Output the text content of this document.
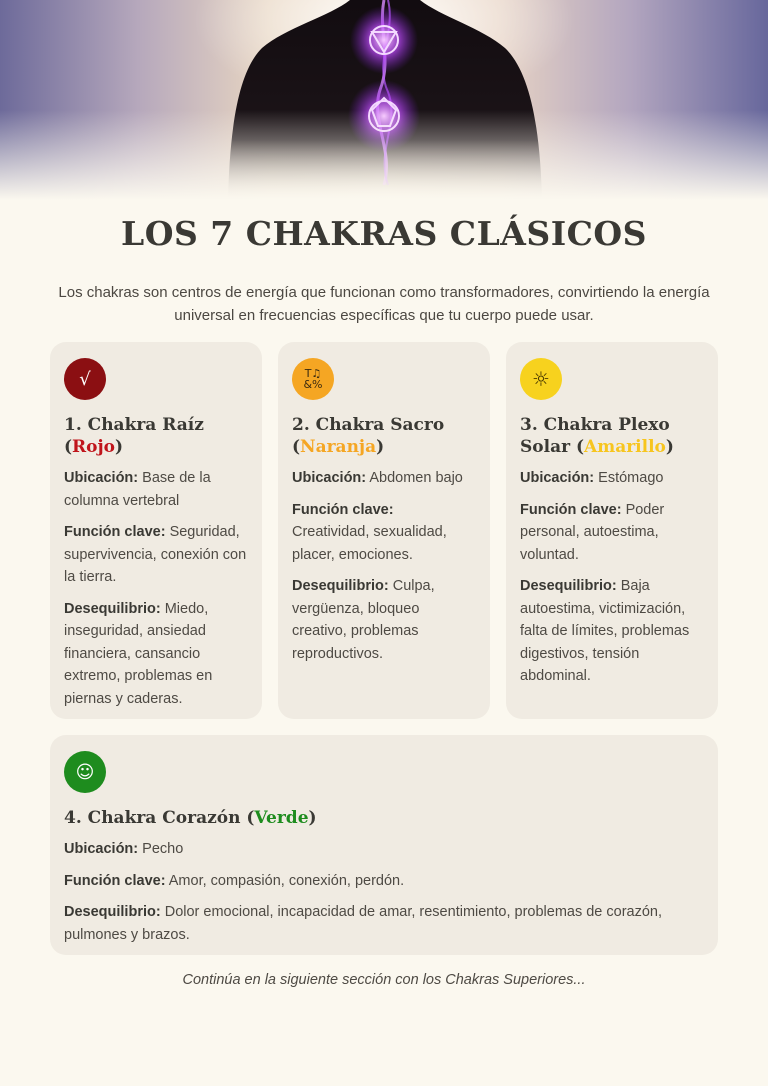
LOS 7 CHAKRAS CLÁSICOS

Los chakras son centros de energía que funcionan como transformadores, convirtiendo la energía universal en frecuencias específicas que tu cuerpo puede usar.

√
1. Chakra Raíz (Rojo)

Ubicación: Base de la columna vertebral

Función clave: Seguridad, supervivencia, conexión con la tierra.

Desequilibrio: Miedo, inseguridad, ansiedad financiera, cansancio extremo, problemas en piernas y caderas.

T♫
&%
2. Chakra Sacro (Naranja)

Ubicación: Abdomen bajo

Función clave:
Creatividad, sexualidad, placer, emociones.

Desequilibrio: Culpa, vergüenza, bloqueo creativo, problemas reproductivos.

☼
3. Chakra Plexo Solar (Amarillo)

Ubicación: Estómago

Función clave: Poder personal, autoestima, voluntad.

Desequilibrio: Baja autoestima, victimización, falta de límites, problemas digestivos, tensión abdominal.

☺
4. Chakra Corazón (Verde)

Ubicación: Pecho

Función clave: Amor, compasión, conexión, perdón.

Desequilibrio: Dolor emocional, incapacidad de amar, resentimiento, problemas de corazón, pulmones y brazos.

Continúa en la siguiente sección con los Chakras Superiores...
